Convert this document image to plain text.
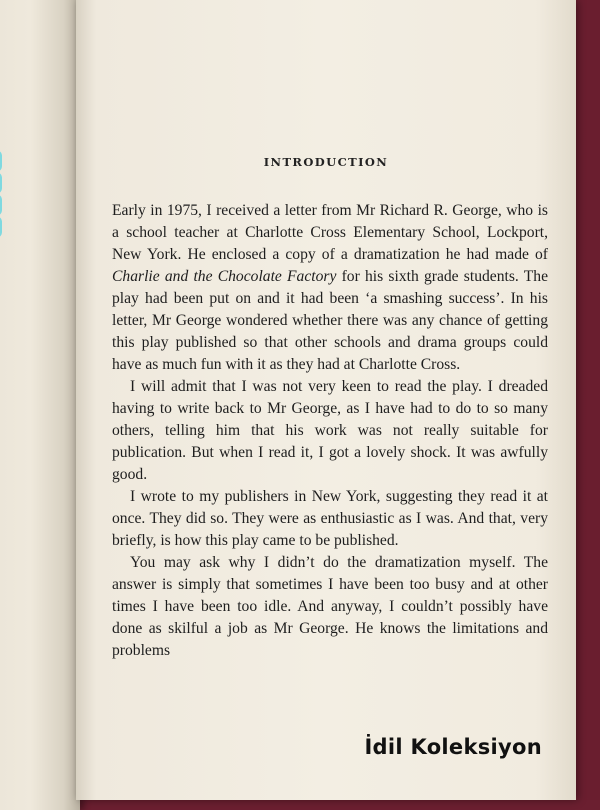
INTRODUCTION

Early in 1975, I received a letter from Mr Richard R. George, who is a school teacher at Charlotte Cross Elementary School, Lockport, New York. He enclosed a copy of a dramatization he had made of Charlie and the Chocolate Factory for his sixth grade students. The play had been put on and it had been ‘a smashing success’. In his letter, Mr George wondered whether there was any chance of getting this play published so that other schools and drama groups could have as much fun with it as they had at Charlotte Cross.

I will admit that I was not very keen to read the play. I dreaded having to write back to Mr George, as I have had to do to so many others, telling him that his work was not really suitable for publication. But when I read it, I got a lovely shock. It was awfully good.

I wrote to my publishers in New York, suggesting they read it at once. They did so. They were as enthusiastic as I was. And that, very briefly, is how this play came to be published.

You may ask why I didn’t do the dramatization myself. The answer is simply that sometimes I have been too busy and at other times I have been too idle. And anyway, I couldn’t possibly have done as skilful a job as Mr George. He knows the limitations and problems

İdil Koleksiyon
